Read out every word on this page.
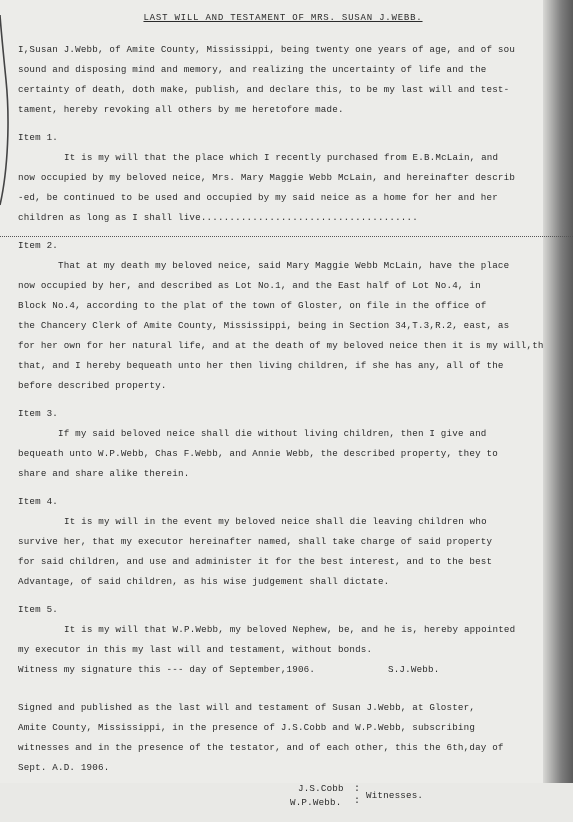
LAST WILL AND TESTAMENT OF MRS. SUSAN J.WEBB.
I,Susan J.Webb, of Amite County, Mississippi, being twenty one years of age, and of sou
sound and disposing mind and memory, and realizing the uncertainty of life and the
certainty of death, doth make, publish, and declare this, to be my last will and test-
tament, hereby revoking all others by me heretofore made.
Item 1.
It is my will that the place which I recently purchased from E.B.McLain, and
now occupied by my beloved neice, Mrs. Mary Maggie Webb McLain, and hereinafter describ
-ed, be continued to be used and occupied by my said neice as a home for her and her
children as long as I shall live......................................
Item 2.
That at my death my beloved neice, said Mary Maggie Webb McLain, have the place
now occupied by her, and described as Lot No.1, and the East half of Lot No.4, in
Block No.4, according to the plat of the town of Gloster, on file in the office of
the Chancery Clerk of Amite County, Mississippi, being in Section 34,T.3,R.2, east, as
for her own for her natural life, and at the death of my beloved neice then it is my will,th
that, and I hereby bequeath unto her then living children, if she has any, all of the
before described property.
Item 3.
If my said beloved neice shall die without living children, then I give and
bequeath unto W.P.Webb, Chas F.Webb, and Annie Webb, the described property, they to
share and share alike therein.
Item 4.
It is my will in the event my beloved neice shall die leaving children who
survive her, that my executor hereinafter named, shall take charge of said property
for said children, and use and administer it for the best interest, and to the best
Advantage, of said children, as his wise judgement shall dictate.
Item 5.
It is my will that W.P.Webb, my beloved Nephew, be, and he is, hereby appointed
my executor in this my last will and testament, without bonds.
Witness my signature this --- day of September,1906.	S.J.Webb.
Signed and published as the last will and testament of Susan J.Webb, at Gloster,
Amite County, Mississippi, in the presence of J.S.Cobb and W.P.Webb, subscribing
witnesses and in the presence of the testator, and of each other, this the 6th,day of
Sept. A.D. 1906.
J.S.Cobb
W.P.Webb.
:
:
Witnesses.
